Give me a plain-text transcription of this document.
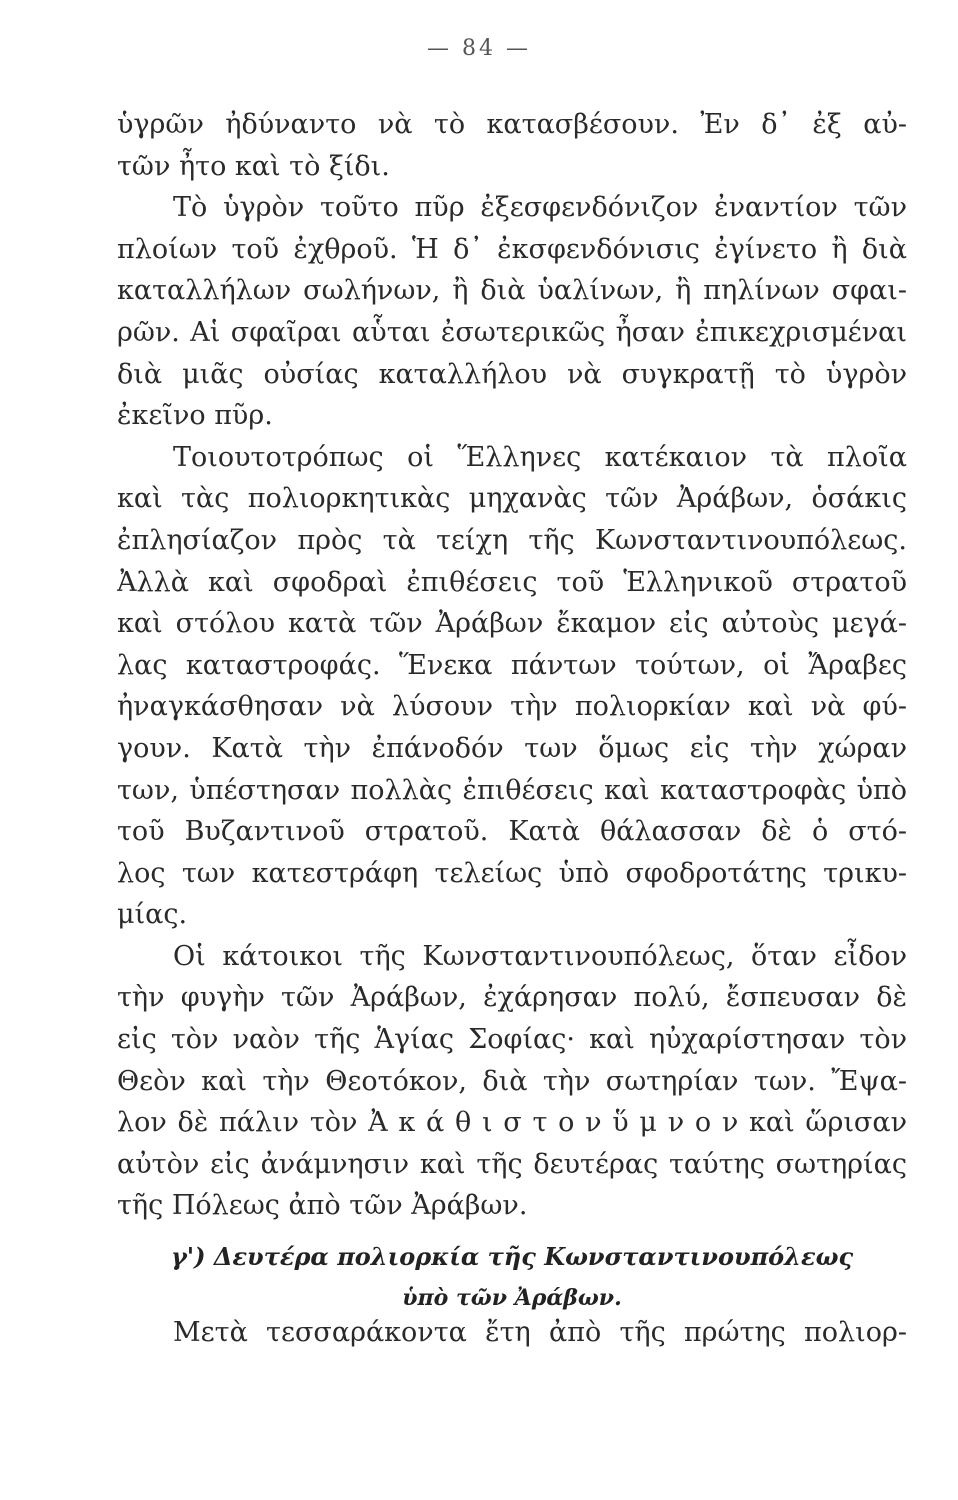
— 84 —
ὑγρῶν ἠδύναντο νὰ τὸ κατασβέσουν. Ἐν δ᾿ ἐξ αὐ-
τῶν ἦτο καὶ τὸ ξίδι.
Τὸ ὑγρὸν τοῦτο πῦρ ἐξεσφενδόνιζον ἐναντίον τῶν
πλοίων τοῦ ἐχθροῦ. Ἡ δ᾿ ἐκσφενδόνισις ἐγίνετο ἢ διὰ
καταλλήλων σωλήνων, ἢ διὰ ὑαλίνων, ἢ πηλίνων σφαι-
ρῶν. Αἱ σφαῖραι αὗται ἐσωτερικῶς ἦσαν ἐπικεχρισμέναι
διὰ μιᾶς οὐσίας καταλλήλου νὰ συγκρατῇ τὸ ὑγρὸν
ἐκεῖνο πῦρ.
Τοιουτοτρόπως οἱ Ἕλληνες κατέκαιον τὰ πλοῖα
καὶ τὰς πολιορκητικὰς μηχανὰς τῶν Ἀράβων, ὁσάκις
ἐπλησίαζον πρὸς τὰ τείχη τῆς Κωνσταντινουπόλεως.
Ἀλλὰ καὶ σφοδραὶ ἐπιθέσεις τοῦ Ἑλληνικοῦ στρατοῦ
καὶ στόλου κατὰ τῶν Ἀράβων ἔκαμον εἰς αὐτοὺς μεγά-
λας καταστροφάς. Ἕνεκα πάντων τούτων, οἱ Ἄραβες
ἠναγκάσθησαν νὰ λύσουν τὴν πολιορκίαν καὶ νὰ φύ-
γουν. Κατὰ τὴν ἐπάνοδόν των ὅμως εἰς τὴν χώραν
των, ὑπέστησαν πολλὰς ἐπιθέσεις καὶ καταστροφὰς ὑπὸ
τοῦ Βυζαντινοῦ στρατοῦ. Κατὰ θάλασσαν δὲ ὁ στό-
λος των κατεστράφη τελείως ὑπὸ σφοδροτάτης τρικυ-
μίας.
Οἱ κάτοικοι τῆς Κωνσταντινουπόλεως, ὅταν εἶδον
τὴν φυγὴν τῶν Ἀράβων, ἐχάρησαν πολύ, ἔσπευσαν δὲ
εἰς τὸν ναὸν τῆς Ἁγίας Σοφίας· καὶ ηὐχαρίστησαν τὸν
Θεὸν καὶ τὴν Θεοτόκον, διὰ τὴν σωτηρίαν των. Ἔψα-
λον δὲ πάλιν τὸν Ἀ κ ά θ ι σ τ ο ν ὕ μ ν ο ν καὶ ὥρισαν
αὐτὸν εἰς ἀνάμνησιν καὶ τῆς δευτέρας ταύτης σωτηρίας
τῆς Πόλεως ἀπὸ τῶν Ἀράβων.
γ') Δευτέρα πολιορκία τῆς Κωνσταντινουπόλεως
ὑπὸ τῶν Ἀράβων.
Μετὰ τεσσαράκοντα ἔτη ἀπὸ τῆς πρώτης πολιορ-
